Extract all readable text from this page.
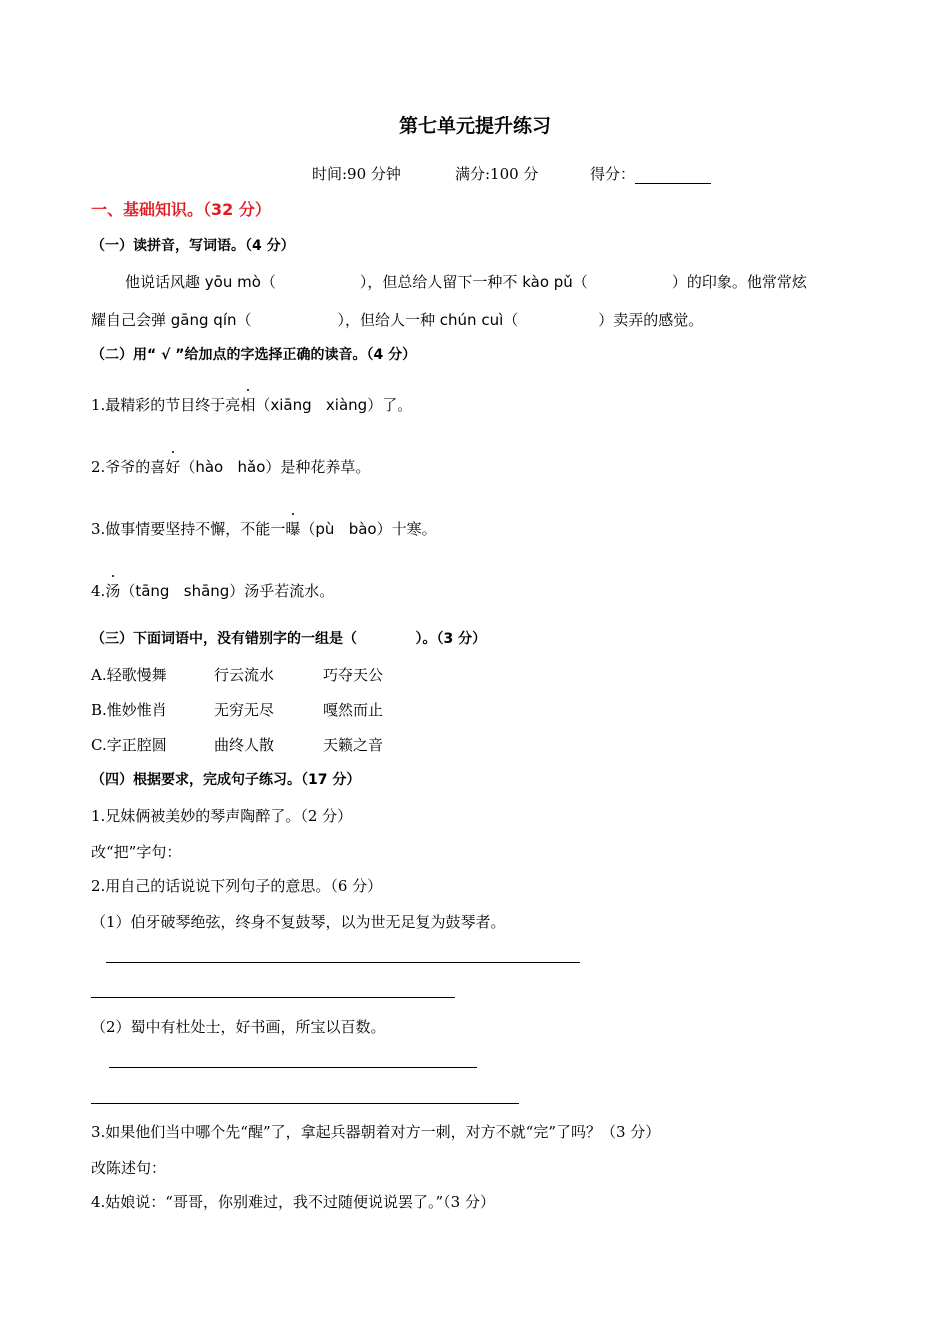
第七单元提升练习
时间:90 分钟	满分:100 分	得分：
一、基础知识。（32 分）
（一）读拼音，写词语。（4 分）
他说话风趣 yōu mò（	），但总给人留下一种不 kào pǔ（	）的印象。他常常炫
耀自己会弹 gāng qín（	），但给人一种 chún cuì（	）卖弄的感觉。
（二）用“ √ ”给加点的字选择正确的读音。（4 分）
1.最精彩的节目终于亮相（xiāng   xiàng）了。
2.爷爷的喜好（hào   hǎo）是种花养草。
3.做事情要坚持不懈，不能一曝（pù   bào）十寒。
4.汤（tāng   shāng）汤乎若流水。
（三）下面词语中，没有错别字的一组是（            ）。（3 分）
A.轻歌慢舞	行云流水	巧夺天公
B.惟妙惟肖	无穷无尽	嘎然而止
C.字正腔圆	曲终人散	天籁之音
（四）根据要求，完成句子练习。（17 分）
1.兄妹俩被美妙的琴声陶醉了。（2 分）
改“把”字句：
2.用自己的话说说下列句子的意思。（6 分）
（1）伯牙破琴绝弦，终身不复鼓琴，以为世无足复为鼓琴者。
（2）蜀中有杜处士，好书画，所宝以百数。
3.如果他们当中哪个先“醒”了，拿起兵器朝着对方一刺，对方不就“完”了吗？（3 分）
改陈述句：
4.姑娘说：“哥哥，你别难过，我不过随便说说罢了。”（3 分）
